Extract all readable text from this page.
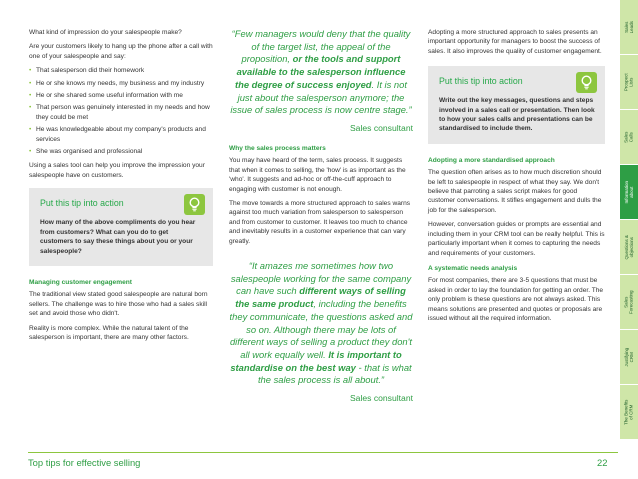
What kind of impression do your salespeople make?

Are your customers likely to hang up the phone after a call with one of your salespeople and say:

• That salesperson did their homework
• He or she knows my needs, my business and my industry
• He or she shared some useful information with me
• That person was genuinely interested in my needs and how they could be met
• He was knowledgeable about my company's products and services
• She was organised and professional

Using a sales tool can help you improve the impression your salespeople have on customers.

Put this tip into action
How many of the above compliments do you hear from customers? What can you do to get customers to say these things about you or your salespeople?
Managing customer engagement

The traditional view stated good salespeople are natural born sellers. The challenge was to hire those who had a sales skill set and avoid those who didn't.

Reality is more complex. While the natural talent of the salesperson is important, there are many other factors.

“Few managers would deny that the quality of the target list, the appeal of the proposition, or the tools and support available to the salesperson influence the degree of success enjoyed. It is not just about the salesperson anymore; the issue of sales process is now centre stage.”
Sales consultant
Why the sales process matters

You may have heard of the term, sales process. It suggests that when it comes to selling, the 'how' is as important as the 'who'. It suggests and ad-hoc or off-the-cuff approach to engaging with customer is not enough.

The move towards a more structured approach to sales warns against too much variation from salesperson to salesperson and from customer to customer. It leaves too much to chance and inevitably results in a customer experience that can vary greatly.

“It amazes me sometimes how two salespeople working for the same company can have such different ways of selling the same product, including the benefits they communicate, the questions asked and so on. Although there may be lots of different ways of selling a product they don't all work equally well. It is important to standardise on the best way - that is what the sales process is all about.”
Sales consultant

Adopting a more structured approach to sales presents an important opportunity for managers to boost the success of sales. It also improves the quality of customer engagement.

Put this tip into action
Write out the key messages, questions and steps involved in a sales call or presentation. Then look to how your sales calls and presentations can be standardised to include them.
Adopting a more standardised approach

The question often arises as to how much discretion should be left to salespeople in respect of what they say. We don't believe that parroting a sales script makes for good customer conversations. It stifles engagement and dulls the job for the salesperson.

However, conversation guides or prompts are essential and including them in your CRM tool can be really helpful. This is particularly important when it comes to capturing the needs and requirements of your customers.

A systematic needs analysis

For most companies, there are 3-5 questions that must be asked in order to lay the foundation for getting an order. The only problem is these questions are not always asked. This means solutions are presented and quotes or proposals are issued without all the required information.

Top tips for effective selling	22
Sales
Leads
Prospect
Lists
Sales
Calls
Information
about
Questions &
objections
Sales
Forecasting
Justifying
CRM
The Benefits
of CRM
